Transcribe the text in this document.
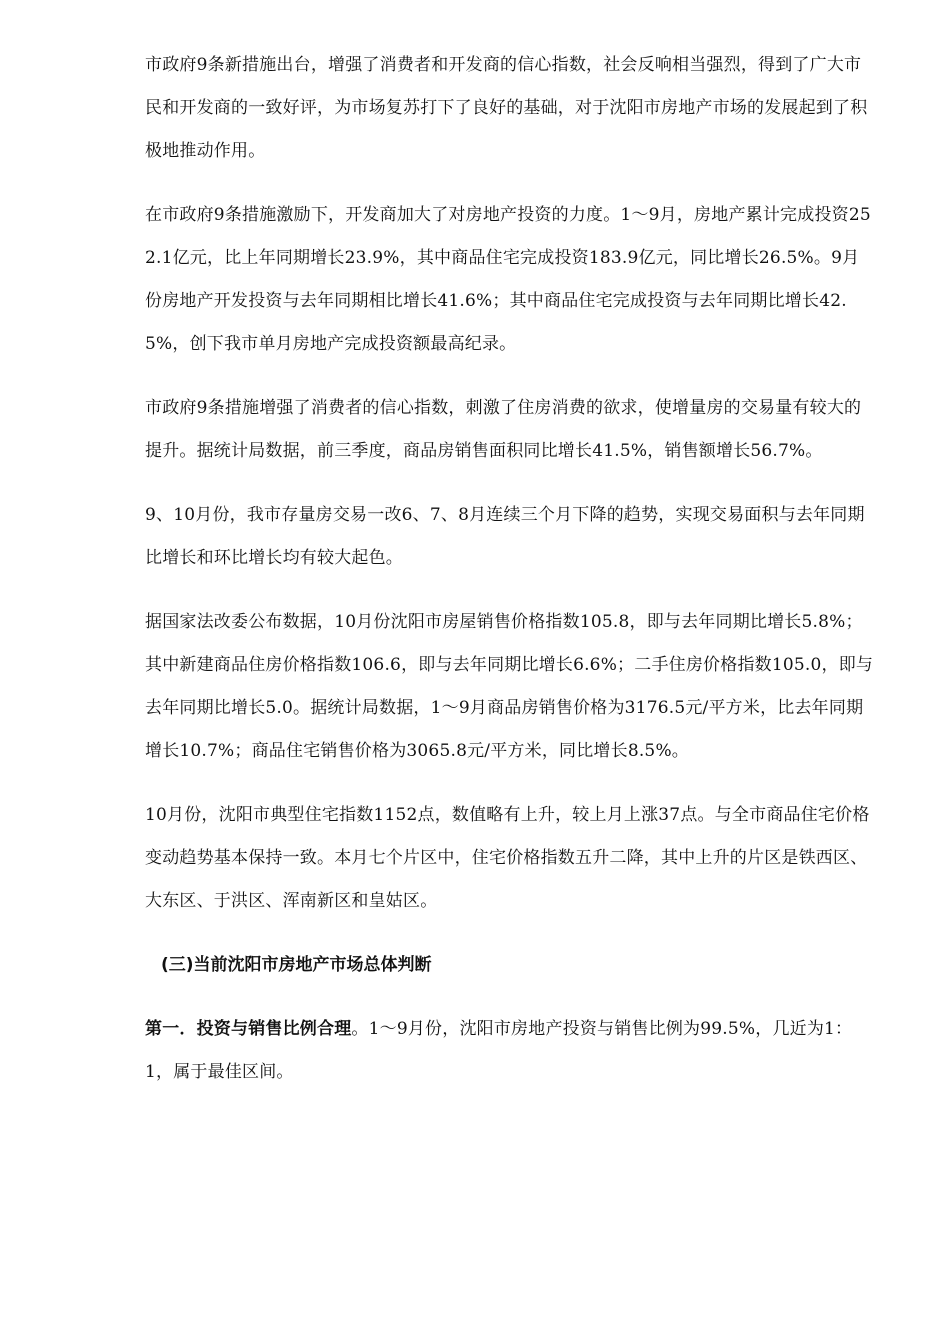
市政府9条新措施出台，增强了消费者和开发商的信心指数，社会反响相当强烈，得到了广大市民和开发商的一致好评，为市场复苏打下了良好的基础，对于沈阳市房地产市场的发展起到了积极地推动作用。

在市政府9条措施激励下，开发商加大了对房地产投资的力度。1～9月，房地产累计完成投资252.1亿元，比上年同期增长23.9%，其中商品住宅完成投资183.9亿元，同比增长26.5%。9月份房地产开发投资与去年同期相比增长41.6%；其中商品住宅完成投资与去年同期比增长42.5%，创下我市单月房地产完成投资额最高纪录。

市政府9条措施增强了消费者的信心指数，刺激了住房消费的欲求，使增量房的交易量有较大的提升。据统计局数据，前三季度，商品房销售面积同比增长41.5%，销售额增长56.7%。

9、10月份，我市存量房交易一改6、7、8月连续三个月下降的趋势，实现交易面积与去年同期比增长和环比增长均有较大起色。

据国家法改委公布数据，10月份沈阳市房屋销售价格指数105.8，即与去年同期比增长5.8%；其中新建商品住房价格指数106.6，即与去年同期比增长6.6%；二手住房价格指数105.0，即与去年同期比增长5.0。据统计局数据，1～9月商品房销售价格为3176.5元/平方米，比去年同期增长10.7%；商品住宅销售价格为3065.8元/平方米，同比增长8.5%。

10月份，沈阳市典型住宅指数1152点，数值略有上升，较上月上涨37点。与全市商品住宅价格变动趋势基本保持一致。本月七个片区中，住宅价格指数五升二降，其中上升的片区是铁西区、大东区、于洪区、浑南新区和皇姑区。

(三)当前沈阳市房地产市场总体判断

第一．投资与销售比例合理。1～9月份，沈阳市房地产投资与销售比例为99.5%，几近为1：1，属于最佳区间。
